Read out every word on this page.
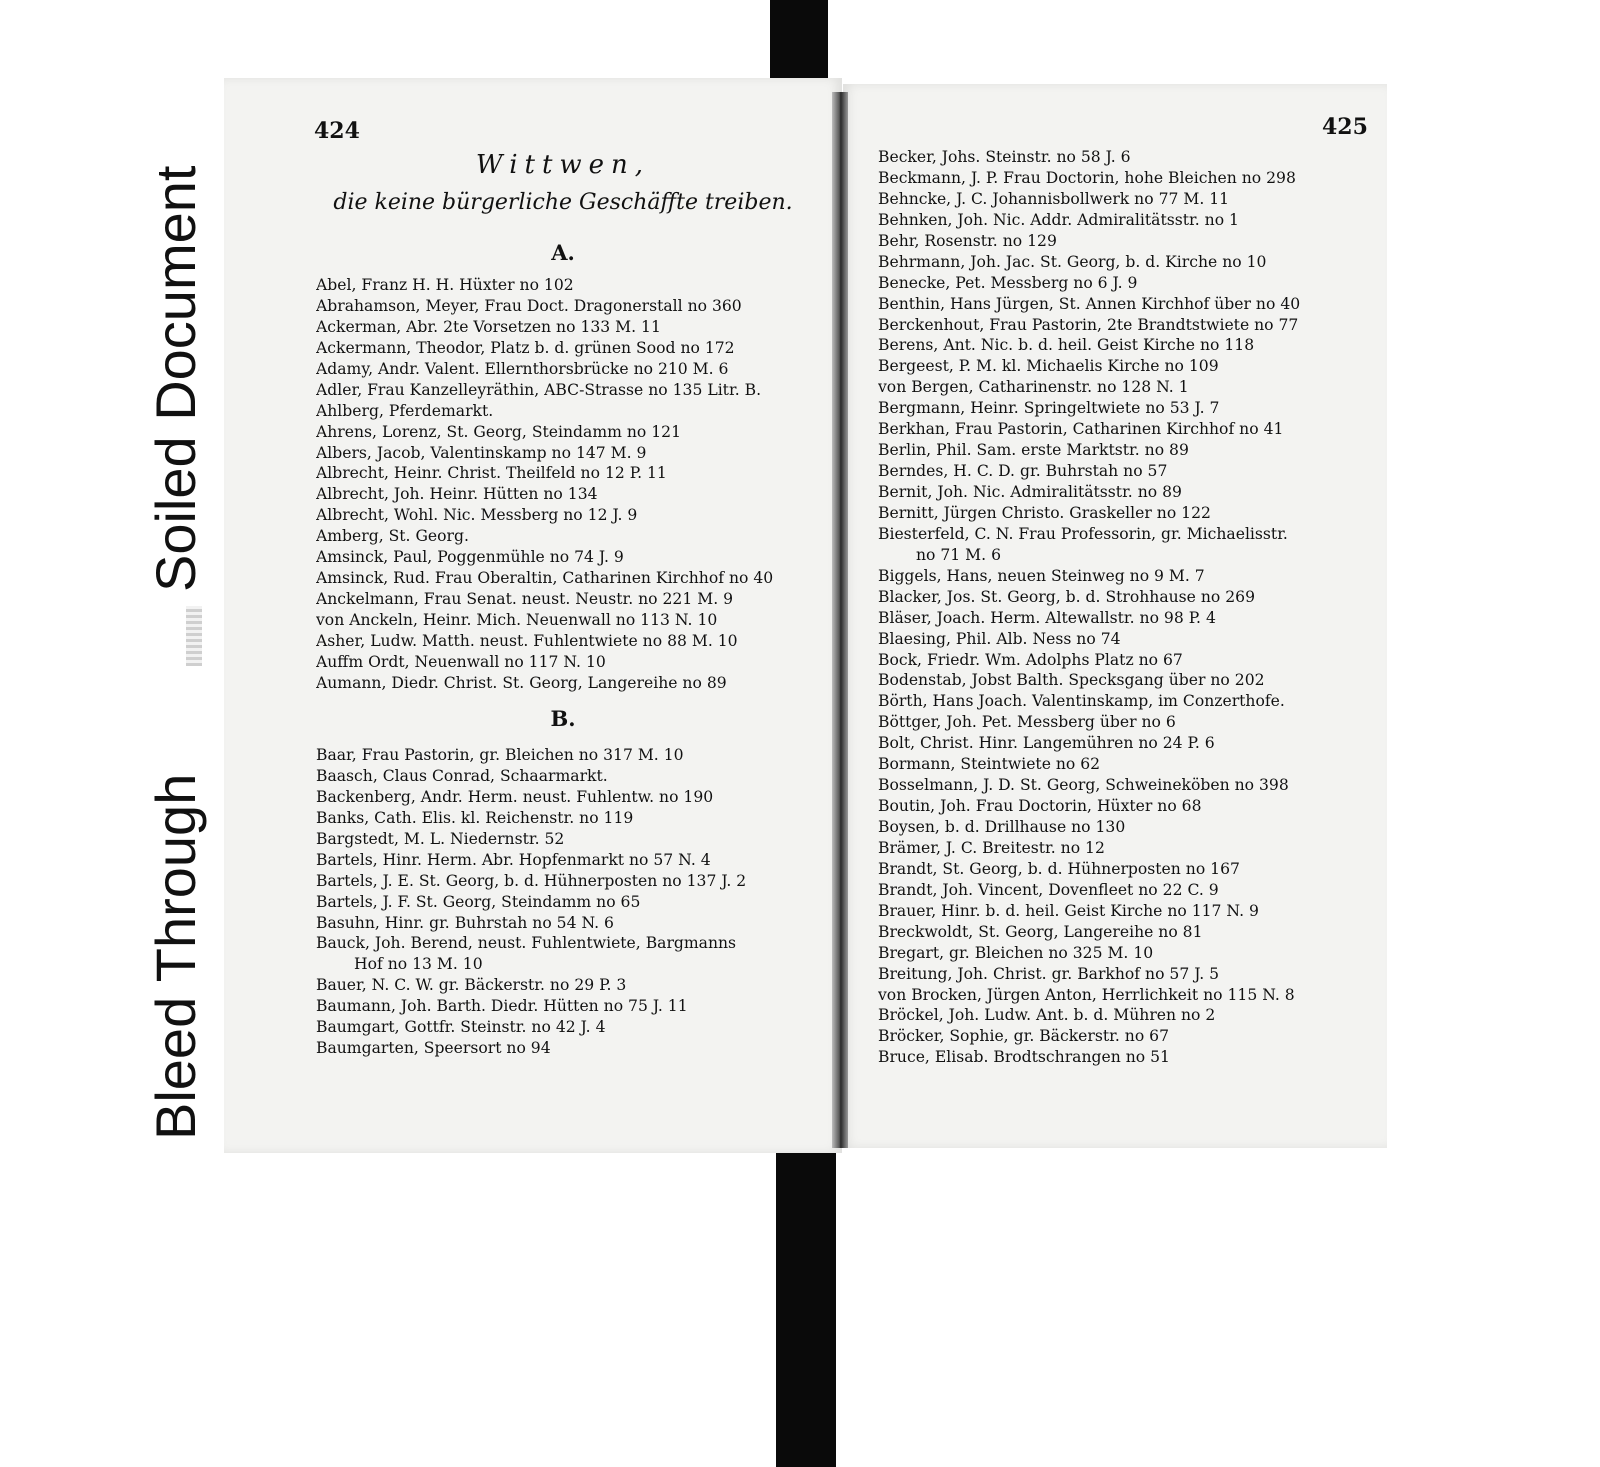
Soiled Document
Bleed Through
424
Wittwen,
die keine bürgerliche Geschäffte treiben.
A.
Abel, Franz H. H. Hüxter no 102
Abrahamson, Meyer, Frau Doct. Dragonerstall no 360
Ackerman, Abr. 2te Vorsetzen no 133 M. 11
Ackermann, Theodor, Platz b. d. grünen Sood no 172
Adamy, Andr. Valent. Ellernthorsbrücke no 210 M. 6
Adler, Frau Kanzelleyräthin, ABC-Strasse no 135 Litr. B.
Ahlberg, Pferdemarkt.
Ahrens, Lorenz, St. Georg, Steindamm no 121
Albers, Jacob, Valentinskamp no 147 M. 9
Albrecht, Heinr. Christ. Theilfeld no 12 P. 11
Albrecht, Joh. Heinr. Hütten no 134
Albrecht, Wohl. Nic. Messberg no 12 J. 9
Amberg, St. Georg.
Amsinck, Paul, Poggenmühle no 74 J. 9
Amsinck, Rud. Frau Oberaltin, Catharinen Kirchhof no 40
Anckelmann, Frau Senat. neust. Neustr. no 221 M. 9
von Anckeln, Heinr. Mich. Neuenwall no 113 N. 10
Asher, Ludw. Matth. neust. Fuhlentwiete no 88 M. 10
Auffm Ordt, Neuenwall no 117 N. 10
Aumann, Diedr. Christ. St. Georg, Langereihe no 89
B.
Baar, Frau Pastorin, gr. Bleichen no 317 M. 10
Baasch, Claus Conrad, Schaarmarkt.
Backenberg, Andr. Herm. neust. Fuhlentw. no 190
Banks, Cath. Elis. kl. Reichenstr. no 119
Bargstedt, M. L. Niedernstr. 52
Bartels, Hinr. Herm. Abr. Hopfenmarkt no 57 N. 4
Bartels, J. E. St. Georg, b. d. Hühnerposten no 137 J. 2
Bartels, J. F. St. Georg, Steindamm no 65
Basuhn, Hinr. gr. Buhrstah no 54 N. 6
Bauck, Joh. Berend, neust. Fuhlentwiete, Bargmanns
Hof no 13 M. 10
Bauer, N. C. W. gr. Bäckerstr. no 29 P. 3
Baumann, Joh. Barth. Diedr. Hütten no 75 J. 11
Baumgart, Gottfr. Steinstr. no 42 J. 4
Baumgarten, Speersort no 94
425
Becker, Johs. Steinstr. no 58 J. 6
Beckmann, J. P. Frau Doctorin, hohe Bleichen no 298
Behncke, J. C. Johannisbollwerk no 77 M. 11
Behnken, Joh. Nic. Addr. Admiralitätsstr. no 1
Behr, Rosenstr. no 129
Behrmann, Joh. Jac. St. Georg, b. d. Kirche no 10
Benecke, Pet. Messberg no 6 J. 9
Benthin, Hans Jürgen, St. Annen Kirchhof über no 40
Berckenhout, Frau Pastorin, 2te Brandtstwiete no 77
Berens, Ant. Nic. b. d. heil. Geist Kirche no 118
Bergeest, P. M. kl. Michaelis Kirche no 109
von Bergen, Catharinenstr. no 128 N. 1
Bergmann, Heinr. Springeltwiete no 53 J. 7
Berkhan, Frau Pastorin, Catharinen Kirchhof no 41
Berlin, Phil. Sam. erste Marktstr. no 89
Berndes, H. C. D. gr. Buhrstah no 57
Bernit, Joh. Nic. Admiralitätsstr. no 89
Bernitt, Jürgen Christo. Graskeller no 122
Biesterfeld, C. N. Frau Professorin, gr. Michaelisstr.
no 71 M. 6
Biggels, Hans, neuen Steinweg no 9 M. 7
Blacker, Jos. St. Georg, b. d. Strohhause no 269
Bläser, Joach. Herm. Altewallstr. no 98 P. 4
Blaesing, Phil. Alb. Ness no 74
Bock, Friedr. Wm. Adolphs Platz no 67
Bodenstab, Jobst Balth. Specksgang über no 202
Börth, Hans Joach. Valentinskamp, im Conzerthofe.
Böttger, Joh. Pet. Messberg über no 6
Bolt, Christ. Hinr. Langemühren no 24 P. 6
Bormann, Steintwiete no 62
Bosselmann, J. D. St. Georg, Schweineköben no 398
Boutin, Joh. Frau Doctorin, Hüxter no 68
Boysen, b. d. Drillhause no 130
Brämer, J. C. Breitestr. no 12
Brandt, St. Georg, b. d. Hühnerposten no 167
Brandt, Joh. Vincent, Dovenfleet no 22 C. 9
Brauer, Hinr. b. d. heil. Geist Kirche no 117 N. 9
Breckwoldt, St. Georg, Langereihe no 81
Bregart, gr. Bleichen no 325 M. 10
Breitung, Joh. Christ. gr. Barkhof no 57 J. 5
von Brocken, Jürgen Anton, Herrlichkeit no 115 N. 8
Bröckel, Joh. Ludw. Ant. b. d. Mühren no 2
Bröcker, Sophie, gr. Bäckerstr. no 67
Bruce, Elisab. Brodtschrangen no 51
